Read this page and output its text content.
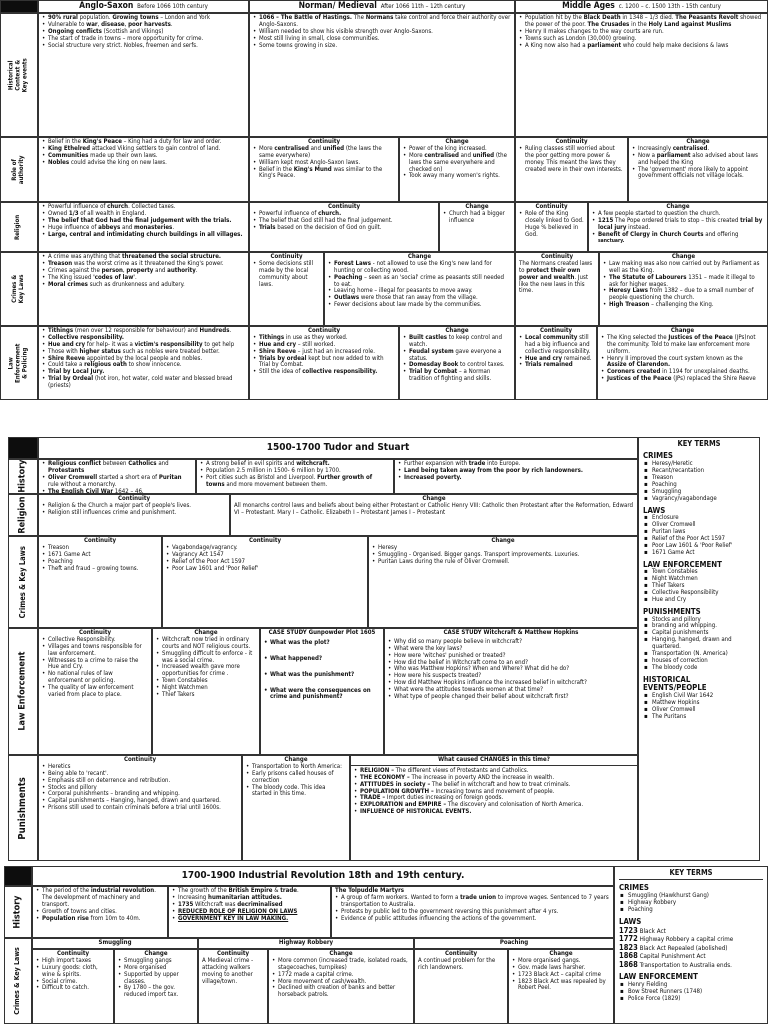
Anglo-Saxon Before 1066 10th century	Norman/ Medieval After 1066 11th – 12th century	Middle Ages c. 1200 – c. 1500 13th - 15th century
Historical Context & Key events
• 90% rural population. Growing towns – London and York
• Vulnerable to war, disease, poor harvests.
• Ongoing conflicts (Scottish and Vikings)
• The start of trade in towns – more opportunity for crime.
• Social structure very strict. Nobles, freemen and serfs.
• 1066 – The Battle of Hastings. The Normans take control and force their authority over Anglo-Saxons.
• William needed to show his visible strength over Anglo-Saxons.
• Most still living in small, close communities.
• Some towns growing in size.
• Population hit by the Black Death in 1348 – 1/3 died. The Peasants Revolt showed the power of the poor. The Crusades in the Holy Land against Muslims
• Henry II makes changes to the way courts are run.
• Towns such as London (30,000) growing.
• A King now also had a parliament who could help make decisions & laws
Role of authority
• Belief in the King's Peace – King had a duty for law and order.
• King Ethelred attacked Viking settlers to gain control of land.
• Communities made up their own laws.
• Nobles could advise the king on new laws.
Continuity
• More centralised and unified (the laws the same everywhere)
• William kept most Anglo-Saxon laws.
• Belief in the King's Mund was similar to the King's Peace.
Change
• Power of the king increased.
• More centralised and unified (the laws the same everywhere and checked on)
• Took away many women's rights.
Continuity
• Ruling classes still worried about the poor getting more power & money. This meant the laws they created were in their own interests.
Change
• Increasingly centralised.
• Now a parliament also advised about laws and helped the King
• The 'government' more likely to appoint government officials not village locals.
Religion
• Powerful influence of church. Collected taxes.
• Owned 1/3 of all wealth in England.
• The belief that God had the final judgement with the trials.
• Huge influence of abbeys and monasteries.
• Large, central and intimidating church buildings in all villages.
Continuity
• Powerful influence of church.
• The belief that God still had the final judgement.
• Trials based on the decision of God on guilt.
Change
• Church had a bigger influence
Continuity
• Role of the King closely linked to God. Huge % believed in God.
Change
• A few people started to question the church.
• 1215 The Pope ordered trials to stop – this created trial by local jury instead.
• Benefit of Clergy in Church Courts and offering sanctuary.
Crimes & Key Laws
• A crime was anything that threatened the social structure.
• Treason was the worst crime as it threatened the King's power.
• Crimes against the person, property and authority.
• The King issued 'codes of law'.
• Moral crimes such as drunkenness and adultery.
Continuity
• Some decisions still made by the local community about laws.
Change
• Forest Laws - not allowed to use the King's new land for hunting or collecting wood.
• Poaching – seen as an 'social' crime as peasants still needed to eat.
• Leaving home – illegal for peasants to move away.
• Outlaws were those that ran away from the village.
• Fewer decisions about law made by the communities.
Continuity
The Normans created laws to protect their own power and wealth. Just like the new laws in this time.
Change
• Law making was also now carried out by Parliament as well as the King.
• The Statute of Labourers 1351 – made it illegal to ask for higher wages.
• Heresy Laws from 1382 – due to a small number of people questioning the church.
• High Treason – challenging the King.
Law Enforcement & Policing
• Tithings (men over 12 responsible for behaviour) and Hundreds.
• Collective responsibility.
• Hue and cry for help- it was a victim's responsibility to get help
• Those with higher status such as nobles were treated better.
• Shire Reeve appointed by the local people and nobles.
• Could take a religious oath to show innocence.
• Trial by Local Jury.
• Trial by Ordeal (hot iron, hot water, cold water and blessed bread (priests)
Continuity
• Tithings in use as they worked.
• Hue and cry – still worked.
• Shire Reeve – just had an increased role.
• Trials by ordeal kept but now added to with Trial by Combat.
• Still the idea of collective responsibility.
Change
• Built castles to keep control and watch.
• Feudal system gave everyone a status.
• Domesday Book to control taxes.
• Trial by Combat – a Norman tradition of fighting and skills.
Continuity
• Local community still had a big influence and collective responsibility.
• Hue and cry remained.
• Trials remained
Change
• The King selected the Justices of the Peace (JPs)not the community. Told to make law enforcement more uniform.
• Henry II improved the court system known as the Assize of Clarendon.
• Coroners created in 1194 for unexplained deaths.
• Justices of the Peace (JPs) replaced the Shire Reeve
1500-1700 Tudor and Stuart	KEY TERMS
CRIMES
▪ Heresy/Heretic
▪ Recant/recantation
▪ Treason
▪ Poaching
▪ Smuggling
▪ Vagrancy/vagabondage
LAWS
▪ Enclosure
▪ Oliver Cromwell
▪ Puritan laws
▪ Relief of the Poor Act 1597
▪ Poor Law 1601 & 'Poor Relief'
▪ 1671 Game Act
LAW ENFORCEMENT
▪ Town Constables
▪ Night Watchmen
▪ Thief Takers
▪ Collective Responsibility
▪ Hue and Cry
PUNISHMENTS
▪ Stocks and pillory
▪ branding and whipping.
▪ Capital punishments
▪ Hanging, hanged, drawn and quartered.
▪ Transportation (N. America)
▪ houses of correction
▪ The bloody code
HISTORICAL EVENTS/PEOPLE
▪ English Civil War 1642
▪ Matthew Hopkins
▪ Oliver Cromwell
▪ The Puritans
History
•	Religious conflict between Catholics and Protestants
• Oliver Cromwell started a short era of Puritan rule without a monarchy.
• The English Civil War 1642 – 46.
• A strong belief in evil spirits and witchcraft.
• Population 2.5 million in 1500- 6 million by 1700.
• Port cities such as Bristol and Liverpool. Further growth of towns and more movement between them.
• Further expansion with trade into Europe.
• Land being taken away from the poor by rich landowners.
• Increased poverty.
Religion	Continuity
• Religion & the Church a major part of people's lives.
• Religion still influences crime and punishment.
Change
All monarchs control laws and beliefs about being either Protestant or Catholic Henry VIII: Catholic then Protestant after the Reformation, Edward VI – Protestant. Mary I – Catholic. Elizabeth I – Protestant James I – Protestant
Crimes & Key Laws
Continuity
• Treason
• 1671 Game Act
• Poaching
• Theft and fraud – growing towns.
Continuity
• Vagabondage/vagrancy.
• Vagrancy Act 1547
• Relief of the Poor Act 1597
• Poor Law 1601 and 'Poor Relief'
Change
• Heresy
• Smuggling - Organised. Bigger gangs. Transport improvements. Luxuries.
• Puritan Laws during the rule of Oliver Cromwell.
Law Enforcement
Continuity
• Collective Responsibility.
• Villages and towns responsible for law enforcement.
• Witnesses to a crime to raise the Hue and Cry.
• No national rules of law enforcement or policing.
• The quality of law enforcement varied from place to place.
Change
• Witchcraft now tried in ordinary courts and NOT religious courts.
• Smuggling difficult to enforce - it was a social crime.
• Increased wealth gave more opportunities for crime .
• Town Constables
• Night Watchmen
• Thief Takers
CASE STUDY Gunpowder Plot 1605
• What was the plot?
• What happened?
• What was the punishment?
• What were the consequences on crime and punishment?
CASE STUDY Witchcraft & Matthew Hopkins
• Why did so many people believe in witchcraft?
• What were the key laws?
• How were 'witches' punished or treated?
• How did the belief in Witchcraft come to an end?
• Who was Matthew Hopkins? When and Where? What did he do?
• How were his suspects treated?
• How did Matthew Hopkins influence the increased belief in witchcraft?
• What were the attitudes towards women at that time?
• What type of people changed their belief about witchcraft first?
Punishments
Continuity
• Heretics
• Being able to 'recant'.
• Emphasis still on deterrence and retribution.
• Stocks and pillory
• Corporal punishments – branding and whipping.
• Capital punishments – Hanging, hanged, drawn and quartered.
• Prisons still used to contain criminals before a trial until 1600s.
Change
• Transportation to North America:
• Early prisons called houses of correction
• The bloody code. This idea started in this time.
What caused CHANGES in this time?
• RELIGION – The different views of Protestants and Catholics.
• THE ECONOMY – The increase in poverty AND the increase in wealth.
• ATTITUDES in society – The belief in witchcraft and how to treat criminals.
• POPULATION GROWTH – Increasing towns and movement of people.
• TRADE – Import duties increasing on foreign goods.
• EXPLORATION and EMPIRE – The discovery and colonisation of North America.
• INFLUENCE OF HISTORICAL EVENTS.
1700-1900 Industrial Revolution 18th and 19th century.	KEY TERMS
CRIMES
▪ Smuggling (Hawkhurst Gang)
▪ Highway Robbery
▪ Poaching
LAWS
1723 Black Act
1772 Highway Robbery a capital crime
1823 Black Act Repealed (abolished)
1868 Capital Punishment Act
1868 Transportation to Australia ends.
LAW ENFORCEMENT
▪ Henry Fielding
▪ Bow Street Runners (1748)
▪ Police Force (1829)
History
• The period of the industrial revolution. The development of machinery and transport.
• Growth of towns and cities.
• Population rise from 10m to 40m.
• The growth of the British Empire & trade.
• Increasing humanitarian attitudes.
• 1735 Witchcraft was decriminalised
• REDUCED ROLE OF RELIGION ON LAWS
• GOVERNMENT KEY IN LAW MAKING.
The Tolpuddle Martyrs
• A group of farm workers. Wanted to form a trade union to improve wages. Sentenced to 7 years transportation to Australia.
• Protests by public led to the government reversing this punishment after 4 yrs.
• Evidence of public attitudes influencing the actions of the government.
Crimes & Key Laws
Smuggling	Highway Robbery	Poaching
Continuity
• High import taxes
• Luxury goods: cloth, wine & spirits.
• Social crime.
• Difficult to catch.
Change
• Smuggling gangs
• More organised
• Supported by upper classes.
• By 1780 – the gov. reduced import tax.
Continuity
A Medieval crime - attacking walkers moving to another village/town.
Change
• More common (increased trade, isolated roads, stagecoaches, turnpikes)
• 1772 made a capital crime.
• More movement of cash/wealth.
• Declined with creation of banks and better horseback patrols.
Continuity
A continued problem for the rich landowners.
Change
• More organised gangs.
• Gov. made laws harsher.
• 1723 Black Act – capital crime
• 1823 Black Act was repealed by Robert Peel.
